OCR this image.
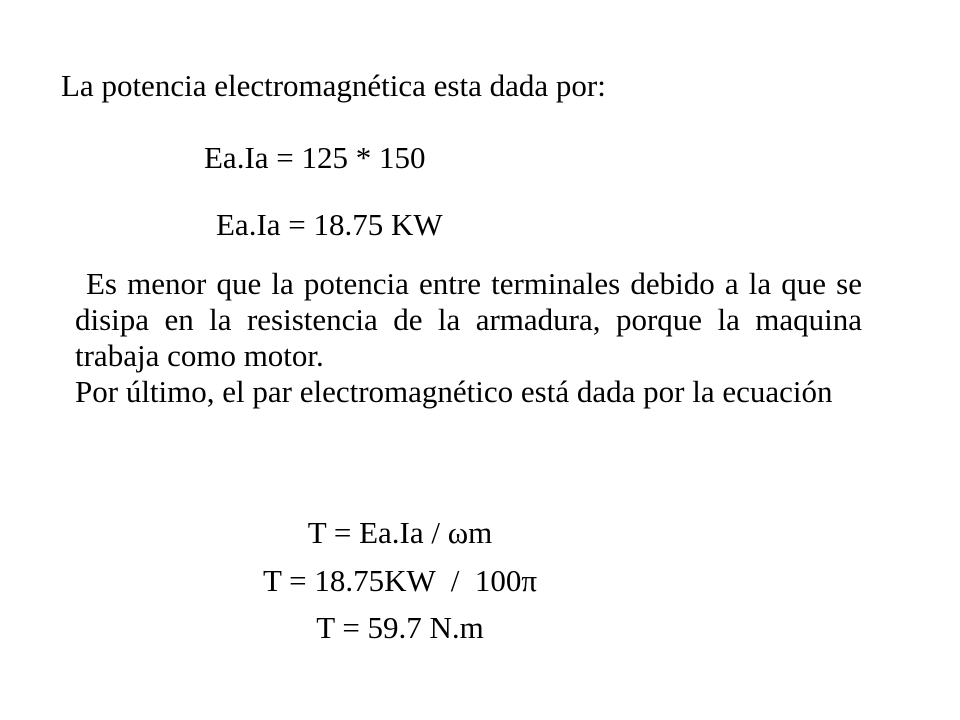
La potencia electromagnética esta dada por:
Ea.Ia = 125 * 150
Ea.Ia = 18.75 KW

Es menor que la potencia entre terminales debido a la que se disipa en la resistencia de la armadura, porque la maquina trabaja como motor.

Por último, el par electromagnético está dada por la ecuación

T = Ea.Ia / ωm
T = 18.75KW  /  100π
T = 59.7 N.m
